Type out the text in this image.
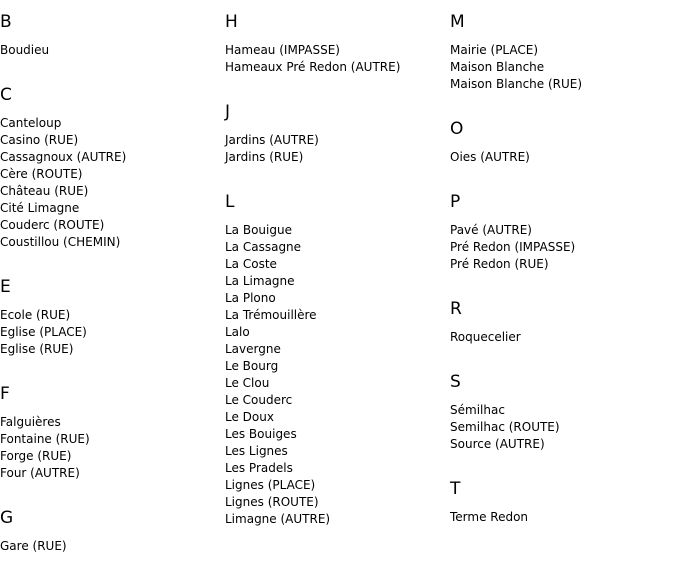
B
Boudieu
C
Canteloup
Casino (RUE)
Cassagnoux (AUTRE)
Cère (ROUTE)
Château (RUE)
Cité Limagne
Couderc (ROUTE)
Coustillou (CHEMIN)
E
Ecole (RUE)
Eglise (PLACE)
Eglise (RUE)
F
Falguières
Fontaine (RUE)
Forge (RUE)
Four (AUTRE)
G
Gare (RUE)
H
Hameau (IMPASSE)
Hameaux Pré Redon (AUTRE)
J
Jardins (AUTRE)
Jardins (RUE)
L
La Bouigue
La Cassagne
La Coste
La Limagne
La Plono
La Trémouillère
Lalo
Lavergne
Le Bourg
Le Clou
Le Couderc
Le Doux
Les Bouiges
Les Lignes
Les Pradels
Lignes (PLACE)
Lignes (ROUTE)
Limagne (AUTRE)
M
Mairie (PLACE)
Maison Blanche
Maison Blanche (RUE)
O
Oies (AUTRE)
P
Pavé (AUTRE)
Pré Redon (IMPASSE)
Pré Redon (RUE)
R
Roquecelier
S
Sémilhac
Semilhac (ROUTE)
Source (AUTRE)
T
Terme Redon
